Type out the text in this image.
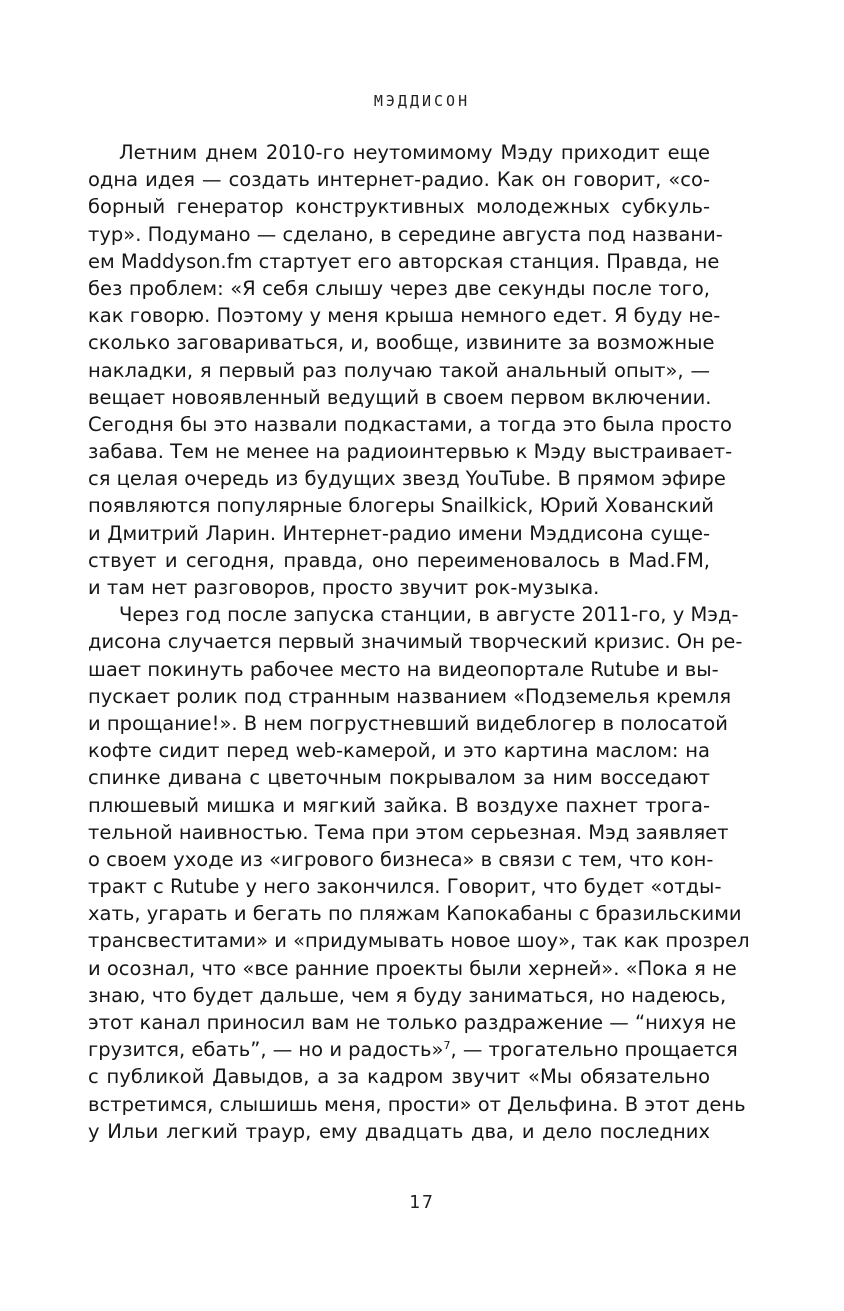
МЭДДИСОН
Летним днем 2010-го неутомимому Мэду приходит еще
одна идея — создать интернет-радио. Как он говорит, «со-
борный генератор конструктивных молодежных субкуль-
тур». Подумано — сделано, в середине августа под названи-
ем Maddyson.fm стартует его авторская станция. Правда, не
без проблем: «Я себя слышу через две секунды после того,
как говорю. Поэтому у меня крыша немного едет. Я буду не-
сколько заговариваться, и, вообще, извините за возможные
накладки, я первый раз получаю такой анальный опыт», —
вещает новоявленный ведущий в своем первом включении.
Сегодня бы это назвали подкастами, а тогда это была просто
забава. Тем не менее на радиоинтервью к Мэду выстраивает-
ся целая очередь из будущих звезд YouTube. В прямом эфире
появляются популярные блогеры Snailkick, Юрий Хованский
и Дмитрий Ларин. Интернет-радио имени Мэддисона суще-
ствует и сегодня, правда, оно переименовалось в Mad.FM,
и там нет разговоров, просто звучит рок-музыка.
Через год после запуска станции, в августе 2011-го, у Мэд-
дисона случается первый значимый творческий кризис. Он ре-
шает покинуть рабочее место на видеопортале Rutube и вы-
пускает ролик под странным названием «Подземелья кремля
и прощание!». В нем погрустневший видеблогер в полосатой
кофте сидит перед web-камерой, и это картина маслом: на
спинке дивана с цветочным покрывалом за ним восседают
плюшевый мишка и мягкий зайка. В воздухе пахнет трога-
тельной наивностью. Тема при этом серьезная. Мэд заявляет
о своем уходе из «игрового бизнеса» в связи с тем, что кон-
тракт с Rutube у него закончился. Говорит, что будет «отды-
хать, угарать и бегать по пляжам Капокабаны с бразильскими
трансвеститами» и «придумывать новое шоу», так как прозрел
и осознал, что «все ранние проекты были херней». «Пока я не
знаю, что будет дальше, чем я буду заниматься, но надеюсь,
этот канал приносил вам не только раздражение — “нихуя не
грузится, ебать”, — но и радость»$^7$, — трогательно прощается
с публикой Давыдов, а за кадром звучит «Мы обязательно
встретимся, слышишь меня, прости» от Дельфина. В этот день
у Ильи легкий траур, ему двадцать два, и дело последних
17
